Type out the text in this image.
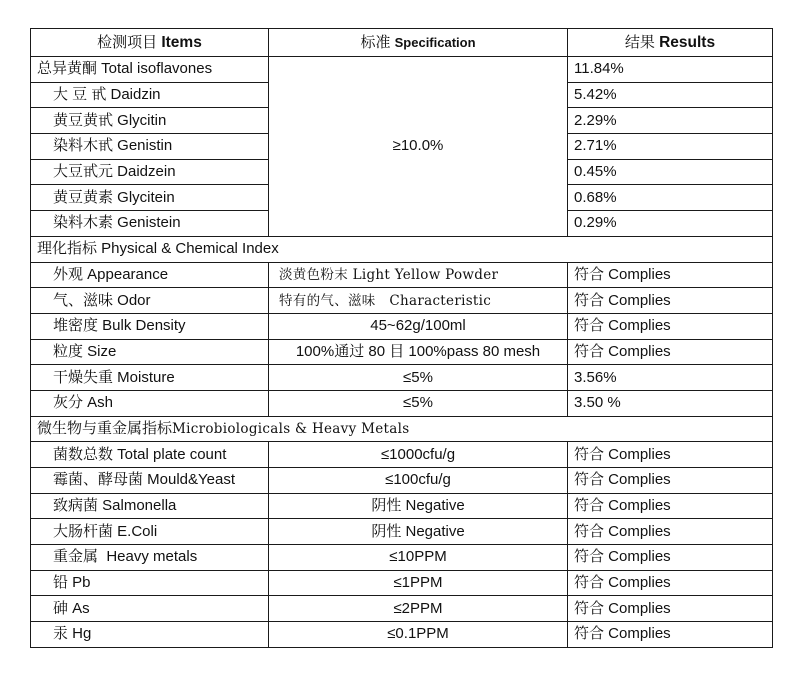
检测项目 Items	标准 Specification	结果 Results
总异黄酮 Total isoflavones	≥10.0%	11.84%
大 豆 甙 Daidzin		5.42%
黄豆黄甙 Glycitin		2.29%
染料木甙 Genistin		2.71%
大豆甙元 Daidzein		0.45%
黄豆黄素 Glycitein		0.68%
染料木素 Genistein		0.29%
理化指标 Physical & Chemical Index		
外观 Appearance	淡黄色粉末 Light Yellow Powder	符合 Complies
气、滋味 Odor	特有的气、滋味   Characteristic	符合 Complies
堆密度 Bulk Density	45~62g/100ml	符合 Complies
粒度 Size	100%通过 80 目 100%pass 80 mesh	符合 Complies
干燥失重 Moisture	≤5%	3.56%
灰分 Ash	≤5%	3.50 %
微生物与重金属指标Microbiologicals & Heavy Metals		
菌数总数 Total plate count	≤1000cfu/g	符合 Complies
霉菌、酵母菌 Mould&Yeast	≤100cfu/g	符合 Complies
致病菌 Salmonella	阴性 Negative	符合 Complies
大肠杆菌 E.Coli	阴性 Negative	符合 Complies
重金属  Heavy metals	≤10PPM	符合 Complies
铅 Pb	≤1PPM	符合 Complies
砷 As	≤2PPM	符合 Complies
汞 Hg	≤0.1PPM	符合 Complies
